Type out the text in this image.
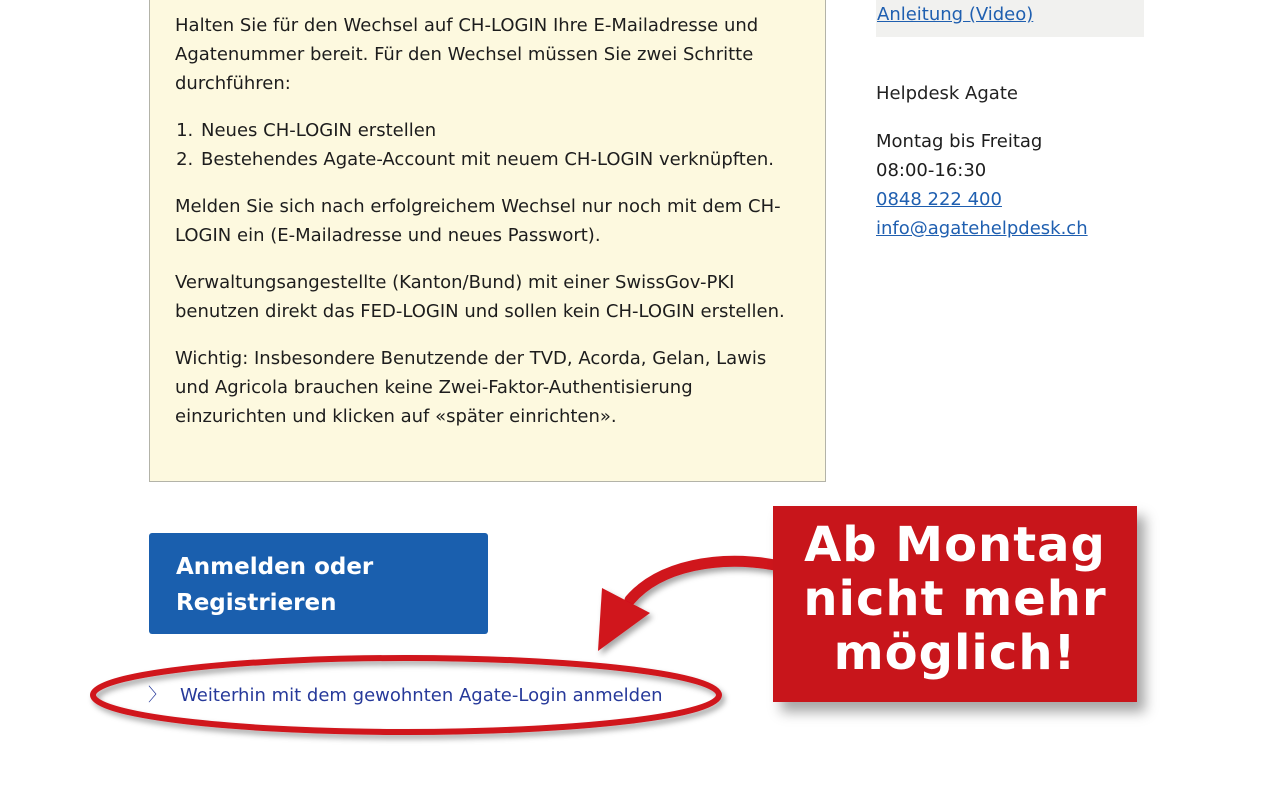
Halten Sie für den Wechsel auf CH-LOGIN Ihre E-Mailadresse und Agatenummer bereit. Für den Wechsel müssen Sie zwei Schritte durchführen:

1. Neues CH-LOGIN erstellen
2. Bestehendes Agate-Account mit neuem CH-LOGIN verknüpften.

Melden Sie sich nach erfolgreichem Wechsel nur noch mit dem CH-LOGIN ein (E-Mailadresse und neues Passwort).

Verwaltungsangestellte (Kanton/Bund) mit einer SwissGov-PKI benutzen direkt das FED-LOGIN und sollen kein CH-LOGIN erstellen.

Wichtig: Insbesondere Benutzende der TVD, Acorda, Gelan, Lawis und Agricola brauchen keine Zwei-Faktor-Authentisierung einzurichten und klicken auf «später einrichten».

Anleitung (Video)
Helpdesk Agate
Montag bis Freitag
08:00-16:30
0848 222 400
info@agatehelpdesk.ch
Anmelden oder
Registrieren
〉 Weiterhin mit dem gewohnten Agate-Login anmelden
Ab Montag
nicht mehr
möglich!
